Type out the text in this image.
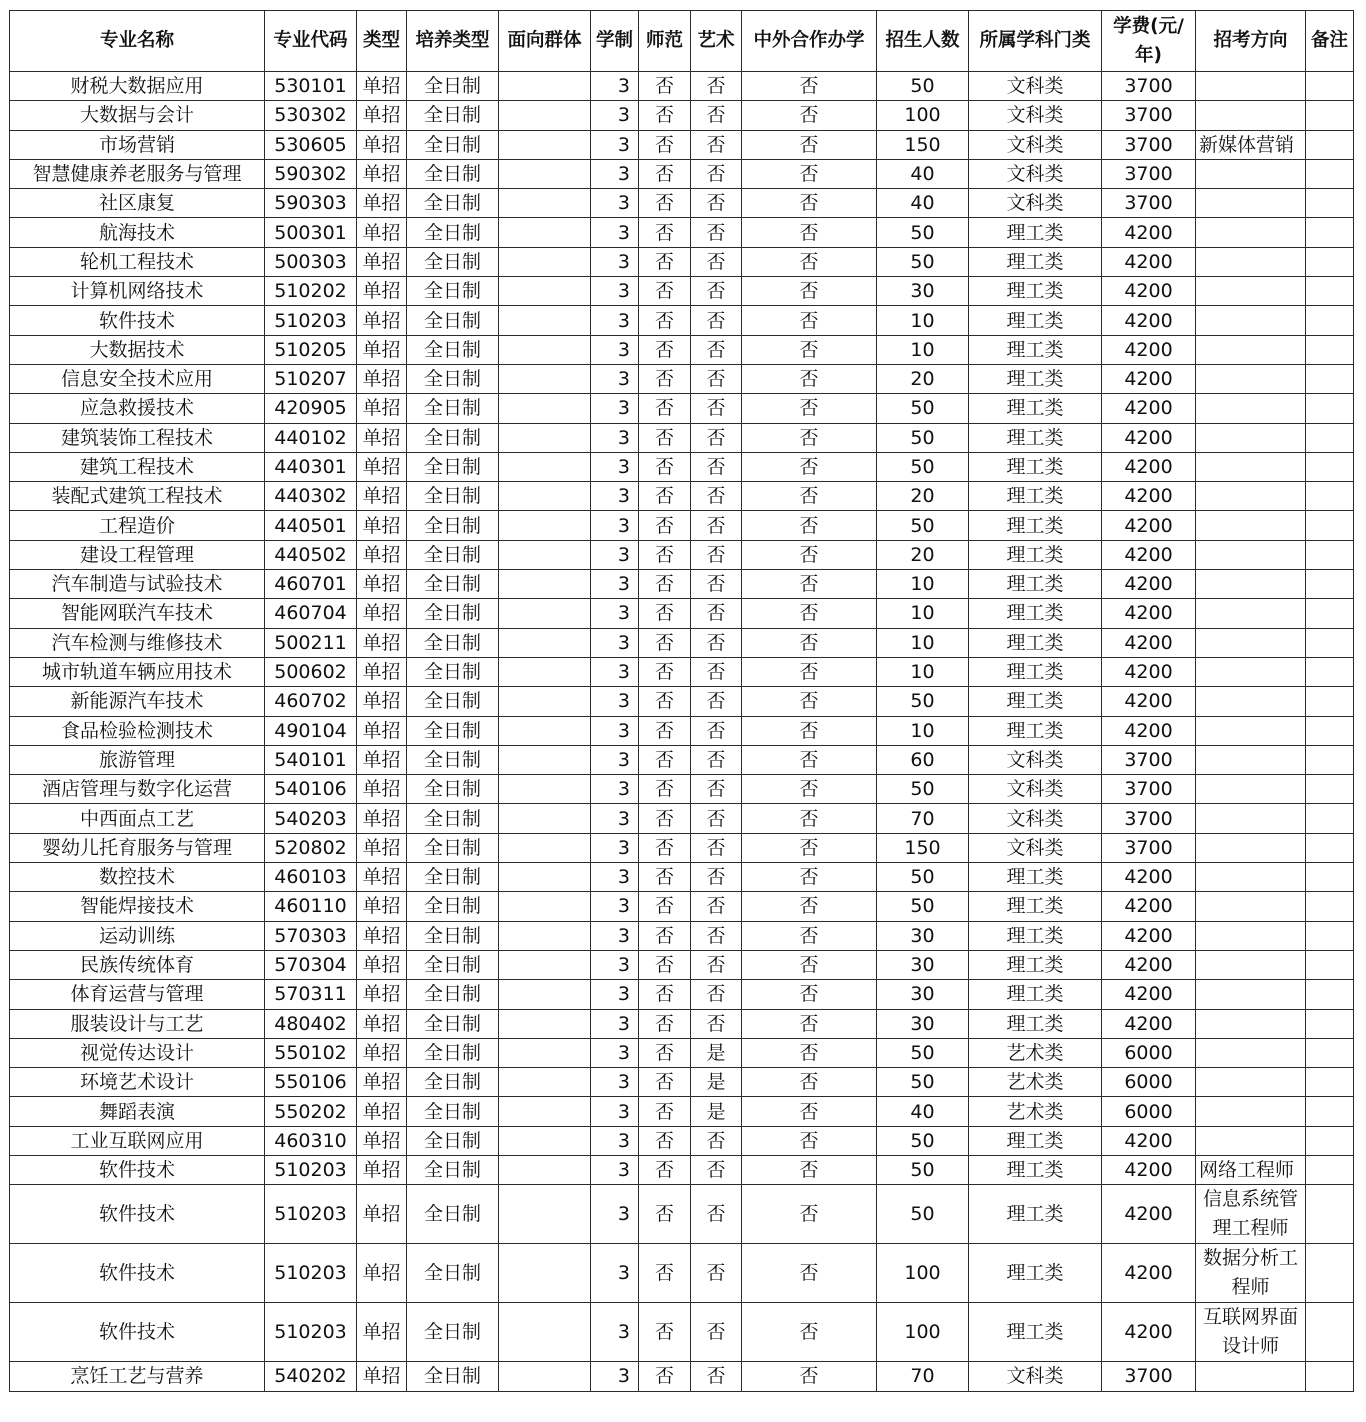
专业名称	专业代码	类型	培养类型	面向群体	学制	师范	艺术	中外合作办学	招生人数	所属学科门类	学费(元/年)	招考方向	备注
财税大数据应用	530101	单招	全日制		3	否	否	否	50	文科类	3700		
大数据与会计	530302	单招	全日制		3	否	否	否	100	文科类	3700		
市场营销	530605	单招	全日制		3	否	否	否	150	文科类	3700	新媒体营销	
智慧健康养老服务与管理	590302	单招	全日制		3	否	否	否	40	文科类	3700		
社区康复	590303	单招	全日制		3	否	否	否	40	文科类	3700		
航海技术	500301	单招	全日制		3	否	否	否	50	理工类	4200		
轮机工程技术	500303	单招	全日制		3	否	否	否	50	理工类	4200		
计算机网络技术	510202	单招	全日制		3	否	否	否	30	理工类	4200		
软件技术	510203	单招	全日制		3	否	否	否	10	理工类	4200		
大数据技术	510205	单招	全日制		3	否	否	否	10	理工类	4200		
信息安全技术应用	510207	单招	全日制		3	否	否	否	20	理工类	4200		
应急救援技术	420905	单招	全日制		3	否	否	否	50	理工类	4200		
建筑装饰工程技术	440102	单招	全日制		3	否	否	否	50	理工类	4200		
建筑工程技术	440301	单招	全日制		3	否	否	否	50	理工类	4200		
装配式建筑工程技术	440302	单招	全日制		3	否	否	否	20	理工类	4200		
工程造价	440501	单招	全日制		3	否	否	否	50	理工类	4200		
建设工程管理	440502	单招	全日制		3	否	否	否	20	理工类	4200		
汽车制造与试验技术	460701	单招	全日制		3	否	否	否	10	理工类	4200		
智能网联汽车技术	460704	单招	全日制		3	否	否	否	10	理工类	4200		
汽车检测与维修技术	500211	单招	全日制		3	否	否	否	10	理工类	4200		
城市轨道车辆应用技术	500602	单招	全日制		3	否	否	否	10	理工类	4200		
新能源汽车技术	460702	单招	全日制		3	否	否	否	50	理工类	4200		
食品检验检测技术	490104	单招	全日制		3	否	否	否	10	理工类	4200		
旅游管理	540101	单招	全日制		3	否	否	否	60	文科类	3700		
酒店管理与数字化运营	540106	单招	全日制		3	否	否	否	50	文科类	3700		
中西面点工艺	540203	单招	全日制		3	否	否	否	70	文科类	3700		
婴幼儿托育服务与管理	520802	单招	全日制		3	否	否	否	150	文科类	3700		
数控技术	460103	单招	全日制		3	否	否	否	50	理工类	4200		
智能焊接技术	460110	单招	全日制		3	否	否	否	50	理工类	4200		
运动训练	570303	单招	全日制		3	否	否	否	30	理工类	4200		
民族传统体育	570304	单招	全日制		3	否	否	否	30	理工类	4200		
体育运营与管理	570311	单招	全日制		3	否	否	否	30	理工类	4200		
服装设计与工艺	480402	单招	全日制		3	否	否	否	30	理工类	4200		
视觉传达设计	550102	单招	全日制		3	否	是	否	50	艺术类	6000		
环境艺术设计	550106	单招	全日制		3	否	是	否	50	艺术类	6000		
舞蹈表演	550202	单招	全日制		3	否	是	否	40	艺术类	6000		
工业互联网应用	460310	单招	全日制		3	否	否	否	50	理工类	4200		
软件技术	510203	单招	全日制		3	否	否	否	50	理工类	4200	网络工程师	
软件技术	510203	单招	全日制		3	否	否	否	50	理工类	4200	信息系统管理工程师	
软件技术	510203	单招	全日制		3	否	否	否	100	理工类	4200	数据分析工程师	
软件技术	510203	单招	全日制		3	否	否	否	100	理工类	4200	互联网界面设计师	
烹饪工艺与营养	540202	单招	全日制		3	否	否	否	70	文科类	3700		
